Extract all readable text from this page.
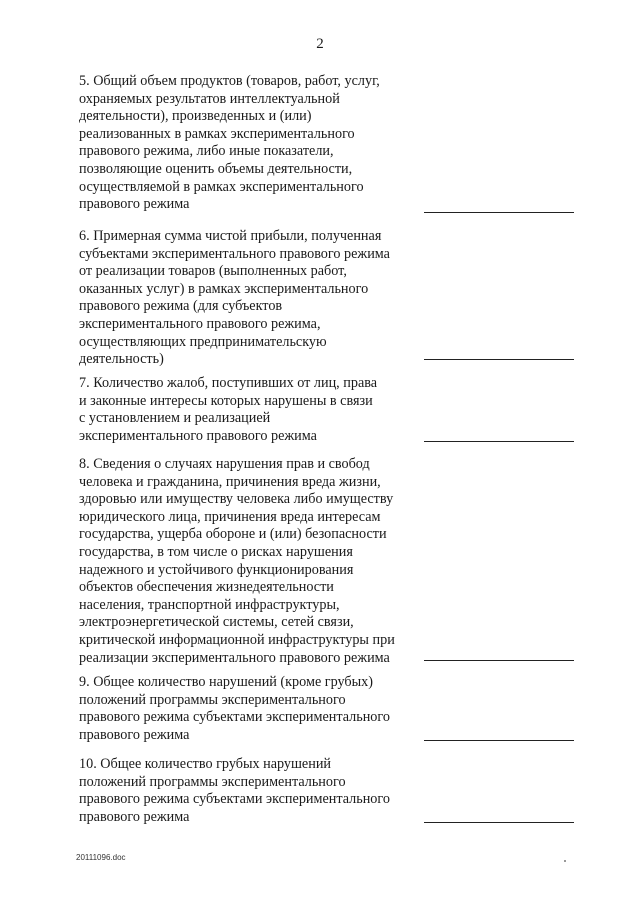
2
5. Общий объем продуктов (товаров, работ, услуг,
охраняемых результатов интеллектуальной
деятельности), произведенных и (или)
реализованных в рамках экспериментального
правового режима, либо иные показатели,
позволяющие оценить объемы деятельности,
осуществляемой в рамках экспериментального
правового режима
6. Примерная сумма чистой прибыли, полученная
субъектами экспериментального правового режима
от реализации товаров (выполненных работ,
оказанных услуг) в рамках экспериментального
правового режима (для субъектов
экспериментального правового режима,
осуществляющих предпринимательскую
деятельность)
7. Количество жалоб, поступивших от лиц, права
и законные интересы которых нарушены в связи
с установлением и реализацией
экспериментального правового режима
8. Сведения о случаях нарушения прав и свобод
человека и гражданина, причинения вреда жизни,
здоровью или имуществу человека либо имуществу
юридического лица, причинения вреда интересам
государства, ущерба обороне и (или) безопасности
государства, в том числе о рисках нарушения
надежного и устойчивого функционирования
объектов обеспечения жизнедеятельности
населения, транспортной инфраструктуры,
электроэнергетической системы, сетей связи,
критической информационной инфраструктуры при
реализации экспериментального правового режима
9. Общее количество нарушений (кроме грубых)
положений программы экспериментального
правового режима субъектами экспериментального
правового режима
10. Общее количество грубых нарушений
положений программы экспериментального
правового режима субъектами экспериментального
правового режима
20111096.doc
